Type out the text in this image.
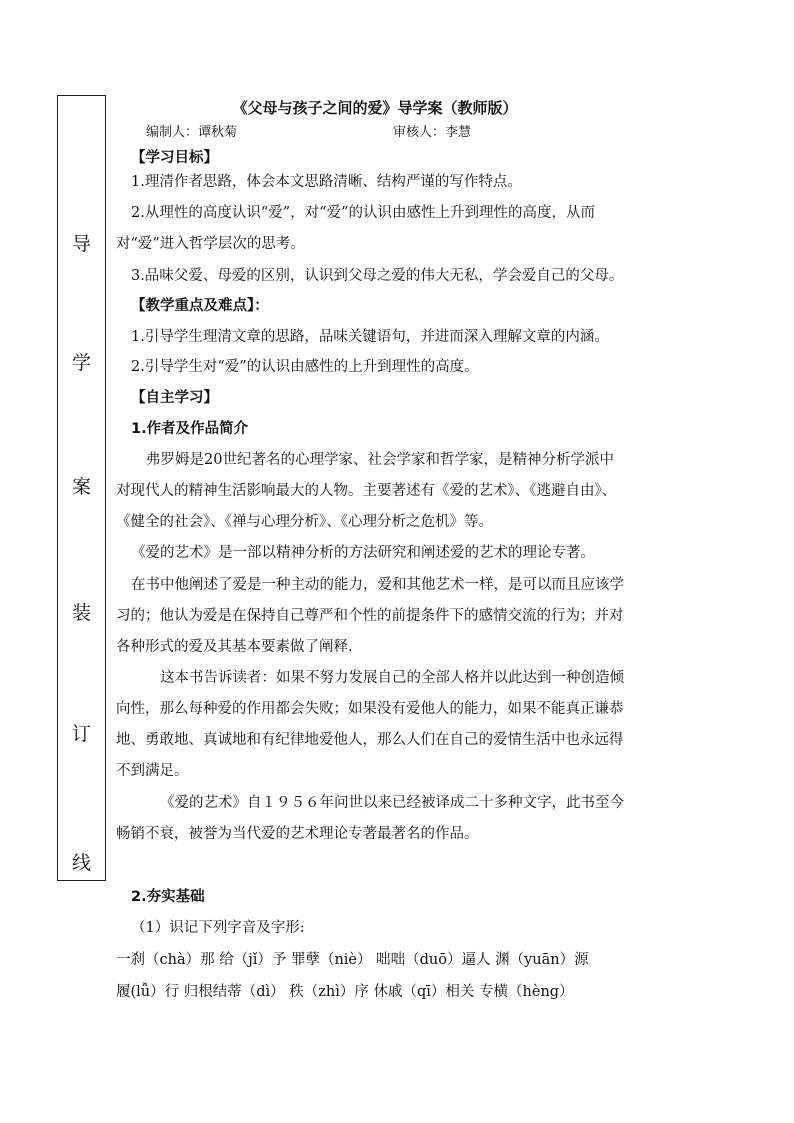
导
学
案
装
订
线
《父母与孩子之间的爱》导学案（教师版）
编制人：谭秋菊	审核人：李慧
【学习目标】
1.理清作者思路，体会本文思路清晰、结构严谨的写作特点。
2.从理性的高度认识“爱”，对“爱”的认识由感性上升到理性的高度，从而
对“爱”进入哲学层次的思考。
3.品味父爱、母爱的区别，认识到父母之爱的伟大无私，学会爱自己的父母。
【教学重点及难点】：
1.引导学生理清文章的思路，品味关键语句，并进而深入理解文章的内涵。
2.引导学生对“爱”的认识由感性的上升到理性的高度。
【自主学习】
1.作者及作品简介
弗罗姆是20世纪著名的心理学家、社会学家和哲学家，是精神分析学派中
对现代人的精神生活影响最大的人物。主要著述有《爱的艺术》、《逃避自由》、
《健全的社会》、《禅与心理分析》、《心理分析之危机》等。
《爱的艺术》是一部以精神分析的方法研究和阐述爱的艺术的理论专著。
在书中他阐述了爱是一种主动的能力，爱和其他艺术一样，是可以而且应该学
习的；他认为爱是在保持自己尊严和个性的前提条件下的感情交流的行为；并对
各种形式的爱及其基本要素做了阐释.
这本书告诉读者：如果不努力发展自己的全部人格并以此达到一种创造倾
向性，那么每种爱的作用都会失败；如果没有爱他人的能力，如果不能真正谦恭
地、勇敢地、真诚地和有纪律地爱他人，那么人们在自己的爱情生活中也永远得
不到满足。
《爱的艺术》自１９５６年问世以来已经被译成二十多种文字，此书至今
畅销不衰，被誉为当代爱的艺术理论专著最著名的作品。
2.夯实基础
（1）识记下列字音及字形:
一刹（chà）那 给（jǐ）予 罪孽（niè） 咄咄（duō）逼人 渊（yuān）源
履(lǚ）行 归根结蒂（dì） 秩（zhì）序 休戚（qī）相关 专横（hèng）
